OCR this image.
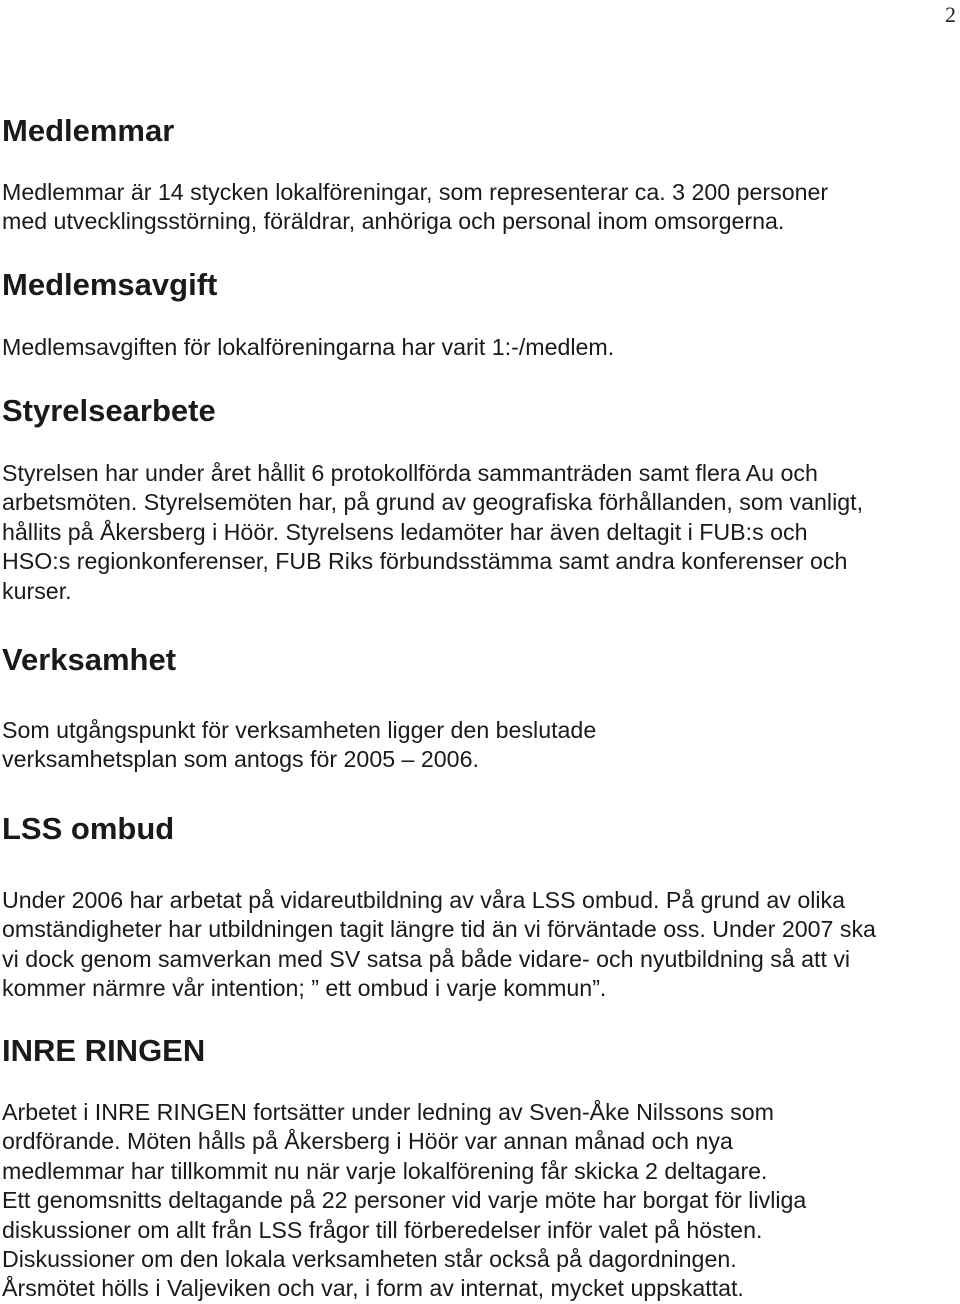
2
Medlemmar
Medlemmar är 14 stycken lokalföreningar, som representerar ca. 3 200 personer
med utvecklingsstörning, föräldrar, anhöriga och personal inom omsorgerna.
Medlemsavgift
Medlemsavgiften för lokalföreningarna har varit 1:-/medlem.
Styrelsearbete
Styrelsen har under året hållit 6 protokollförda sammanträden samt flera Au och
arbetsmöten. Styrelsemöten har, på grund av geografiska förhållanden, som vanligt,
hållits på Åkersberg i Höör. Styrelsens ledamöter har även deltagit i FUB:s och
HSO:s regionkonferenser, FUB Riks förbundsstämma samt andra konferenser och
kurser.
Verksamhet
Som utgångspunkt för verksamheten ligger den beslutade
verksamhetsplan som antogs för 2005 – 2006.
LSS ombud
Under 2006 har arbetat på vidareutbildning av våra LSS ombud. På grund av olika
omständigheter har utbildningen tagit längre tid än vi förväntade oss. Under 2007 ska
vi dock genom samverkan med SV satsa på både vidare- och nyutbildning så att vi
kommer närmre vår intention; ” ett ombud i varje kommun”.
INRE RINGEN
Arbetet i INRE RINGEN fortsätter under ledning av Sven-Åke Nilssons som
ordförande. Möten hålls på Åkersberg i Höör var annan månad och nya
medlemmar har tillkommit nu när varje lokalförening får skicka 2 deltagare.
Ett genomsnitts deltagande på 22 personer vid varje möte har borgat för livliga
diskussioner om allt från LSS frågor till förberedelser inför valet på hösten.
Diskussioner om den lokala verksamheten står också på dagordningen.
Årsmötet hölls i Valjeviken och var, i form av internat, mycket uppskattat.
